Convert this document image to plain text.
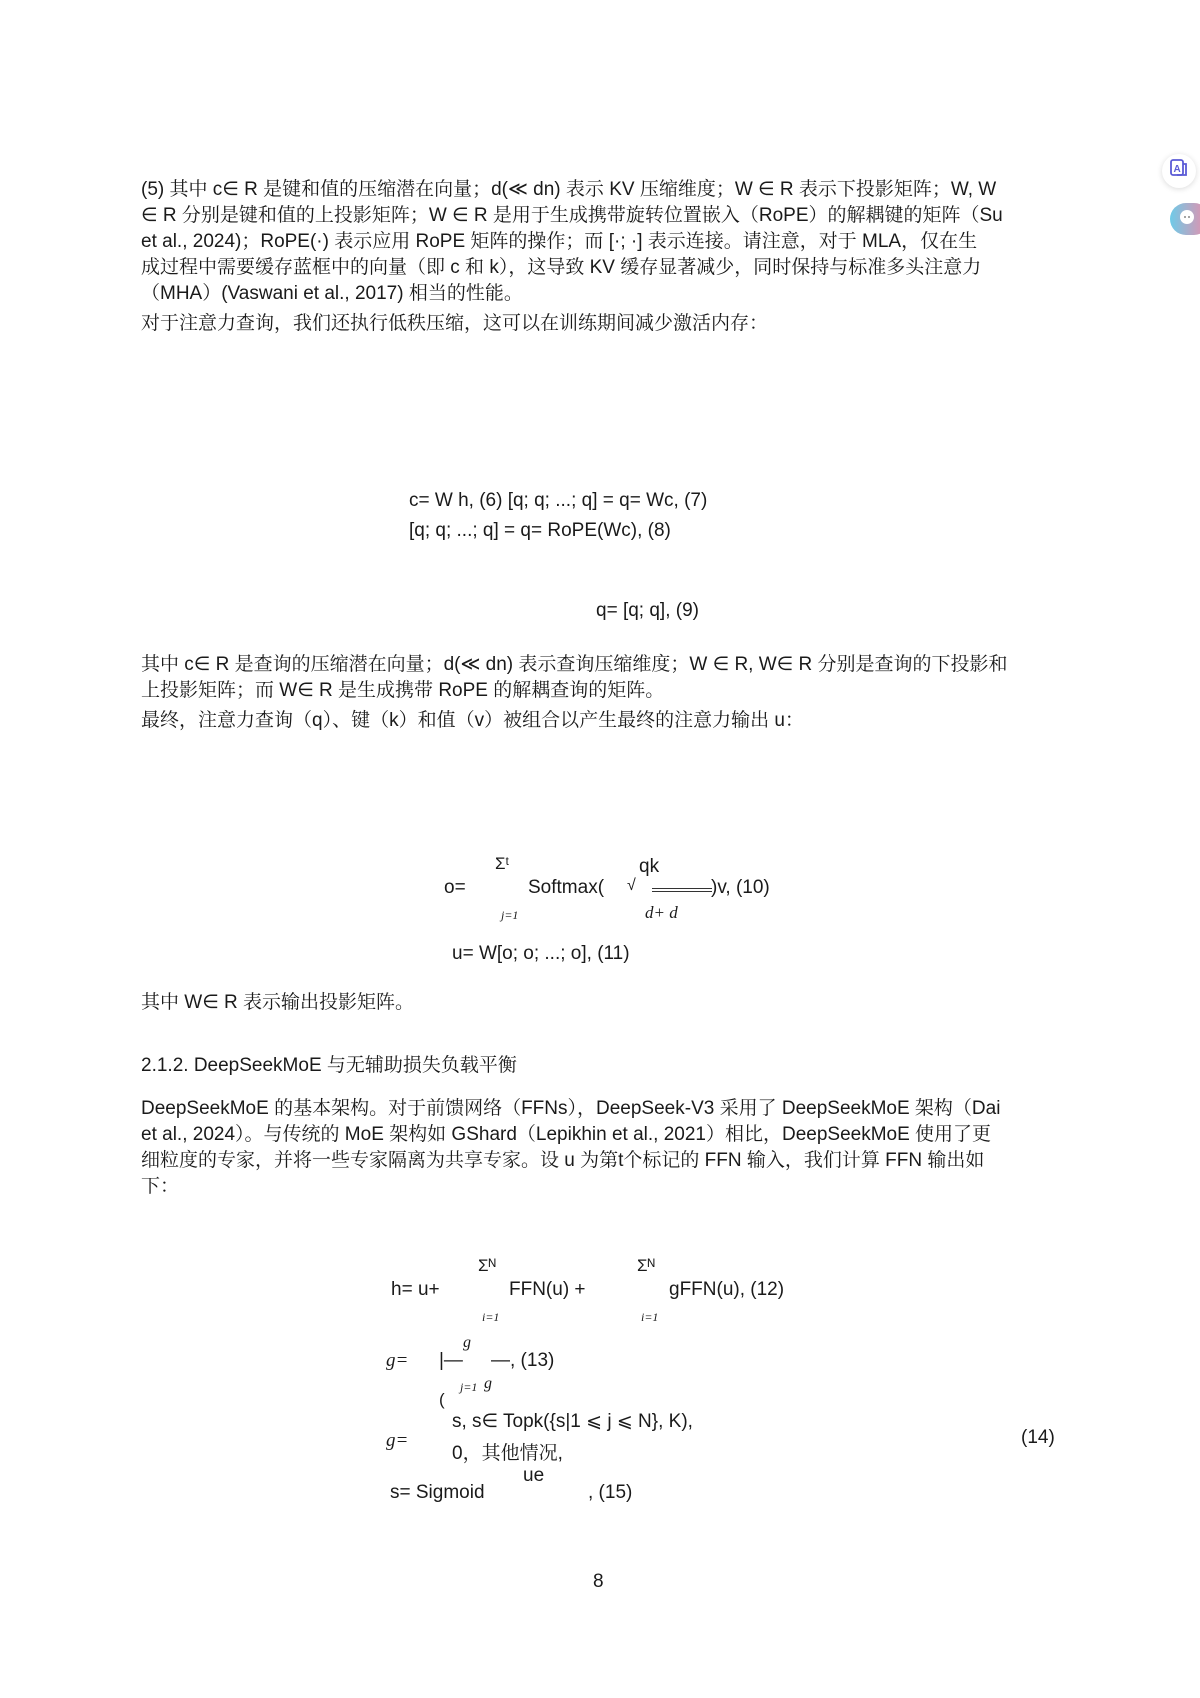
(5) 其中 c∈ R 是键和值的压缩潜在向量；d(≪ dn) 表示 KV 压缩维度；W ∈ R 表示下投影矩阵；W, W
∈ R 分别是键和值的上投影矩阵；W ∈ R 是用于生成携带旋转位置嵌入（RoPE）的解耦键的矩阵（Su
et al., 2024)；RoPE(·) 表示应用 RoPE 矩阵的操作；而 [·; ·] 表示连接。请注意，对于 MLA，仅在生
成过程中需要缓存蓝框中的向量（即 c 和 k），这导致 KV 缓存显著减少，同时保持与标准多头注意力
（MHA）(Vaswani et al., 2017) 相当的性能。
对于注意力查询，我们还执行低秩压缩，这可以在训练期间减少激活内存：
c= W h, (6) [q; q; ...; q] = q= Wc, (7)
[q; q; ...; q] = q= RoPE(Wc), (8)
q= [q; q], (9)
其中 c∈ R 是查询的压缩潜在向量；d(≪ dn) 表示查询压缩维度；W ∈ R, W∈ R 分别是查询的下投影和
上投影矩阵；而 W∈ R 是生成携带 RoPE 的解耦查询的矩阵。
最终，注意力查询（q）、键（k）和值（v）被组合以产生最终的注意力输出 u：
o=
Σᵗ
j=1
Softmax(
qk
√
d+ d
)v, (10)
u= W[o; o; ...; o], (11)
其中 W∈ R 表示输出投影矩阵。
2.1.2. DeepSeekMoE 与无辅助损失负载平衡
DeepSeekMoE 的基本架构。对于前馈网络（FFNs），DeepSeek-V3 采用了 DeepSeekMoE 架构（Dai
et al., 2024）。与传统的 MoE 架构如 GShard（Lepikhin et al., 2021）相比，DeepSeekMoE 使用了更
细粒度的专家，并将一些专家隔离为共享专家。设 u 为第t个标记的 FFN 输入，我们计算 FFN 输出如
下：
h= u+
Σᴺ
i=1
FFN(u) +
Σᴺ
i=1
gFFN(u), (12)
g= |—
g
—, (13)
j=1 g
(
g=
s, s∈ Topk({s|1 ⩽ j ⩽ N}, K),
0，其他情况,
(14)
ue
s= Sigmoid	, (15)
8
A
